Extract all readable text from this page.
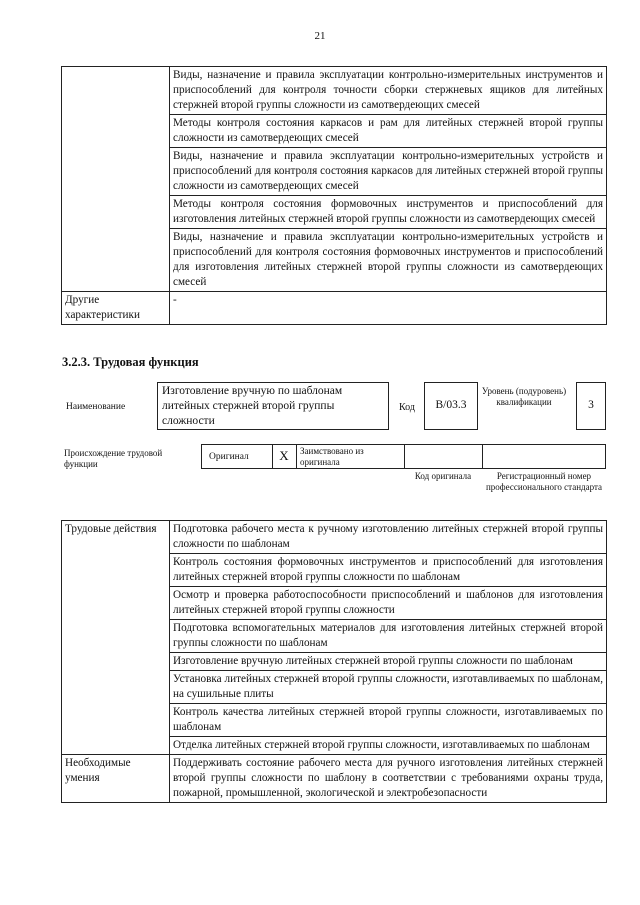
21
	Виды, назначение и правила эксплуатации контрольно-измерительных инструментов и приспособлений для контроля точности сборки стержневых ящиков для литейных стержней второй группы сложности из самотвердеющих смесей
	Методы контроля состояния каркасов и рам для литейных стержней второй группы сложности из самотвердеющих смесей
	Виды, назначение и правила эксплуатации контрольно-измерительных устройств и приспособлений для контроля состояния каркасов для литейных стержней второй группы сложности из самотвердеющих смесей
	Методы контроля состояния формовочных инструментов и приспособлений для изготовления литейных стержней второй группы сложности из самотвердеющих смесей
	Виды, назначение и правила эксплуатации контрольно-измерительных устройств и приспособлений для контроля состояния формовочных инструментов и приспособлений для изготовления литейных стержней второй группы сложности из самотвердеющих смесей
Другие характеристики	-
3.2.3. Трудовая функция
Наименование
Изготовление вручную по шаблонам литейных стержней второй группы сложности
Код	B/03.3
Уровень (подуровень) квалификации	3
Происхождение трудовой функции
Оригинал	X	Заимствовано из оригинала
Код оригинала	Регистрационный номер профессионального стандарта
Трудовые действия	Подготовка рабочего места к ручному изготовлению литейных стержней второй группы сложности по шаблонам
	Контроль состояния формовочных инструментов и приспособлений для изготовления литейных стержней второй группы сложности по шаблонам
	Осмотр и проверка работоспособности приспособлений и шаблонов для изготовления литейных стержней второй группы сложности
	Подготовка вспомогательных материалов для изготовления литейных стержней второй группы сложности по шаблонам
	Изготовление вручную литейных стержней второй группы сложности по шаблонам
	Установка литейных стержней второй группы сложности, изготавливаемых по шаблонам, на сушильные плиты
	Контроль качества литейных стержней второй группы сложности, изготавливаемых по шаблонам
	Отделка литейных стержней второй группы сложности, изготавливаемых по шаблонам
Необходимые умения	Поддерживать состояние рабочего места для ручного изготовления литейных стержней второй группы сложности по шаблону в соответствии с требованиями охраны труда, пожарной, промышленной, экологической и электробезопасности
